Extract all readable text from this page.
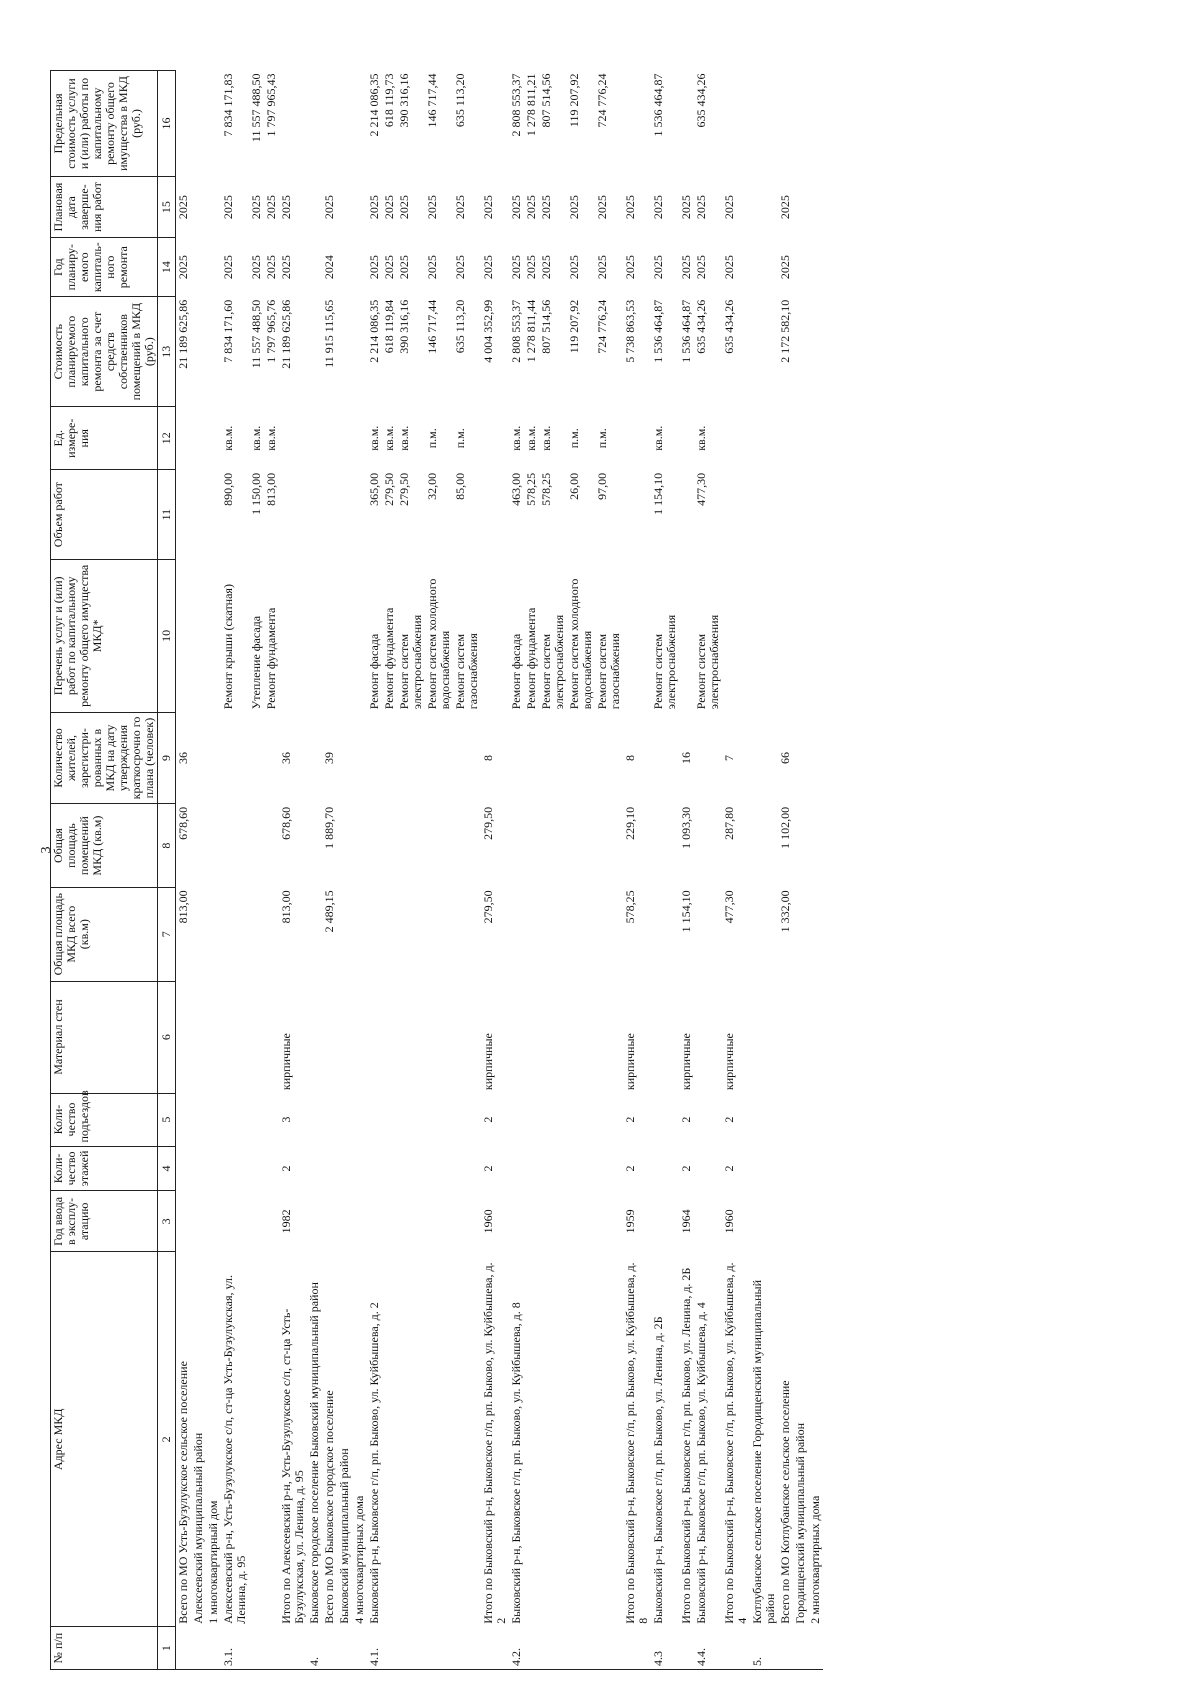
3
№ п/п	Адрес МКД	Год ввода в эксплу-атацию	Коли-чество этажей	Коли-чество подъездов	Материал стен	Общая площадь МКД всего (кв.м)	Общая площадь помещений МКД (кв.м)	Количество жителей, зарегистри-рованных в МКД на дату утверждения краткосрочно го плана (человек)	Перечень услуг и (или) работ по капитальному ремонту общего имущества МКД*	Объем работ	Ед. измере-ния	Стоимость планируемого капитального ремонта за счет средств собственников помещений в МКД (руб.)	Год планиру-емого капиталь-ного ремонта	Плановая дата заверше-ния работ	Предельная стоимость услуги и (или) работы по капитальному ремонту общего имущества в МКД (руб.)
1	2	3	4	5	6	7	8	9	10	11	12	13	14	15	16
	Всего по МО Усть-Бузулукское сельское поселение					813,00	678,60	36				21 189 625,86	2025	2025	
	Алексеевский муниципальный район														
	1 многоквартирный дом														
3.1.	Алексеевский р-н, Усть-Бузулукское с/п, ст-ца Усть-Бузулукская, ул. Ленина, д. 95								Ремонт крыши (скатная)	890,00	кв.м.	7 834 171,60	2025	2025	7 834 171,83
									Утепление фасада	1 150,00	кв.м.	11 557 488,50	2025	2025	11 557 488,50
									Ремонт фундамента	813,00	кв.м.	1 797 965,76	2025	2025	1 797 965,43
	Итого по Алексеевский р-н, Усть-Бузулукское с/п, ст-ца Усть-Бузулукская, ул. Ленина, д. 95	1982	2	3	кирпичные	813,00	678,60	36				21 189 625,86	2025	2025	
4.	Быковское городское поселение Быковский муниципальный район														
	Всего по МО Быковское городское поселение					2 489,15	1 889,70	39				11 915 115,65	2024	2025	
	Быковский муниципальный район														
	4 многоквартирных дома														
4.1.	Быковский р-н, Быковское г/п, рп. Быково, ул. Куйбышева, д. 2								Ремонт фасада	365,00	кв.м.	2 214 086,35	2025	2025	2 214 086,35
									Ремонт фундамента	279,50	кв.м.	618 119,84	2025	2025	618 119,73
									Ремонт систем электроснабжения	279,50	кв.м.	390 316,16	2025	2025	390 316,16
									Ремонт систем холодного водоснабжения	32,00	п.м.	146 717,44	2025	2025	146 717,44
									Ремонт систем газоснабжения	85,00	п.м.	635 113,20	2025	2025	635 113,20
	Итого по Быковский р-н, Быковское г/п, рп. Быково, ул. Куйбышева, д. 2	1960	2	2	кирпичные	279,50	279,50	8				4 004 352,99	2025	2025	
4.2.	Быковский р-н, Быковское г/п, рп. Быково, ул. Куйбышева, д. 8								Ремонт фасада	463,00	кв.м.	2 808 553,37	2025	2025	2 808 553,37
									Ремонт фундамента	578,25	кв.м.	1 278 811,44	2025	2025	1 278 811,21
									Ремонт систем электроснабжения	578,25	кв.м.	807 514,56	2025	2025	807 514,56
									Ремонт систем холодного водоснабжения	26,00	п.м.	119 207,92	2025	2025	119 207,92
									Ремонт систем газоснабжения	97,00	п.м.	724 776,24	2025	2025	724 776,24
	Итого по Быковский р-н, Быковское г/п, рп. Быково, ул. Куйбышева, д. 8	1959	2	2	кирпичные	578,25	229,10	8				5 738 863,53	2025	2025	
4.3	Быковский р-н, Быковское г/п, рп. Быково, ул. Ленина, д. 2Б								Ремонт систем электроснабжения	1 154,10	кв.м.	1 536 464,87	2025	2025	1 536 464,87
	Итого по Быковский р-н, Быковское г/п, рп. Быково, ул. Ленина, д. 2Б	1964	2	2	кирпичные	1 154,10	1 093,30	16				1 536 464,87	2025	2025	
4.4.	Быковский р-н, Быковское г/п, рп. Быково, ул. Куйбышева, д. 4								Ремонт систем электроснабжения	477,30	кв.м.	635 434,26	2025	2025	635 434,26
	Итого по Быковский р-н, Быковское г/п, рп. Быково, ул. Куйбышева, д. 4	1960	2	2	кирпичные	477,30	287,80	7				635 434,26	2025	2025	
5.	Котлубанское сельское поселение Городищенский муниципальный район														
	Всего по МО Котлубанское сельское поселение					1 332,00	1 102,00	66				2 172 582,10	2025	2025	
	Городищенский муниципальный район														
	2 многоквартирных дома														
